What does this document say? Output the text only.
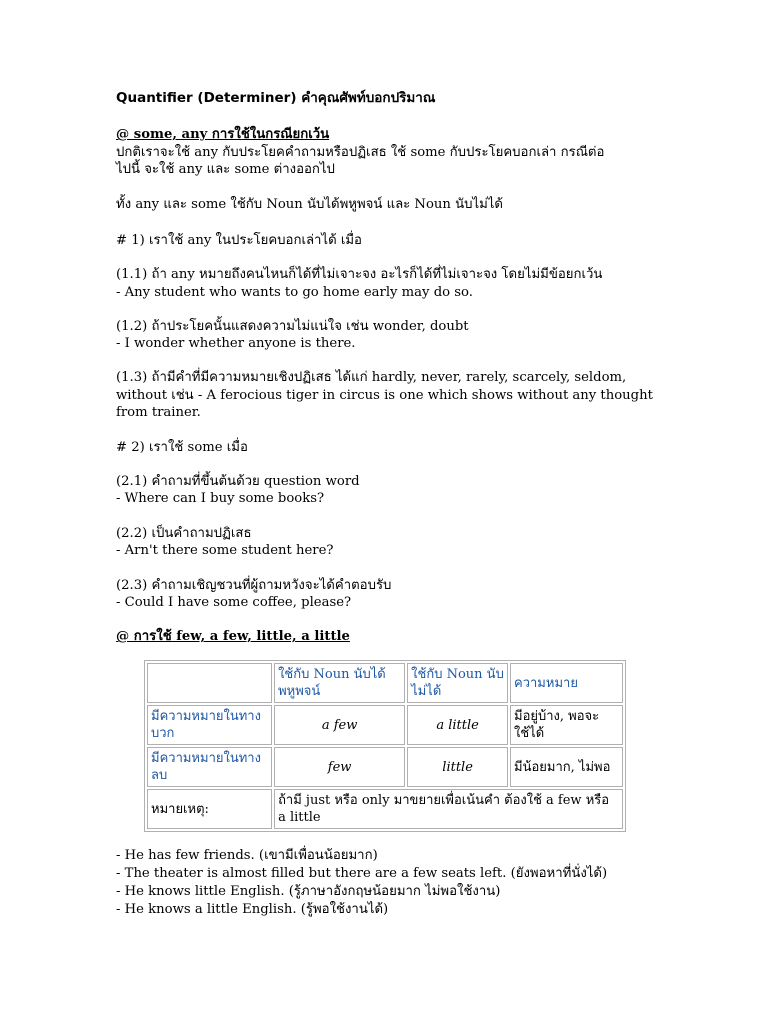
Quantifier (Determiner) คำคุณศัพท์บอกปริมาณ
@ some, any การใช้ในกรณียกเว้น
ปกติเราจะใช้ any กับประโยคคำถามหรือปฏิเสธ ใช้ some กับประโยคบอกเล่า กรณีต่อ
ไปนี้ จะใช้ any และ some ต่างออกไป
ทั้ง any และ some ใช้กับ Noun นับได้พหูพจน์ และ Noun นับไม่ได้
# 1) เราใช้ any ในประโยคบอกเล่าได้ เมื่อ
(1.1) ถ้า any หมายถึงคนไหนก็ได้ที่ไม่เจาะจง อะไรก็ได้ที่ไม่เจาะจง โดยไม่มีข้อยกเว้น
- Any student who wants to go home early may do so.
(1.2) ถ้าประโยคนั้นแสดงความไม่แน่ใจ เช่น wonder, doubt
- I wonder whether anyone is there.
(1.3) ถ้ามีคำที่มีความหมายเชิงปฏิเสธ ได้แก่ hardly, never, rarely, scarcely, seldom,
without เช่น - A ferocious tiger in circus is one which shows without any thought
from trainer.
# 2) เราใช้ some เมื่อ
(2.1) คำถามที่ขึ้นต้นด้วย question word
- Where can I buy some books?
(2.2) เป็นคำถามปฏิเสธ
- Arn't there some student here?
(2.3) คำถามเชิญชวนที่ผู้ถามหวังจะได้คำตอบรับ
- Could I have some coffee, please?
@ การใช้ few, a few, little, a little
- He has few friends. (เขามีเพื่อนน้อยมาก)
- The theater is almost filled but there are a few seats left. (ยังพอหาที่นั่งได้)
- He knows little English. (รู้ภาษาอังกฤษน้อยมาก ไม่พอใช้งาน)
- He knows a little English. (รู้พอใช้งานได้)
	ใช้กับ Noun นับได้ พหูพจน์	ใช้กับ Noun นับ ไม่ได้	ความหมาย
มีความหมายในทาง บวก	a few	a little	มีอยู่บ้าง, พอจะ ใช้ได้
มีความหมายในทาง ลบ	few	little	มีน้อยมาก, ไม่พอ
หมายเหตุ:	ถ้ามี just หรือ only มาขยายเพื่อเน้นคำ ต้องใช้ a few หรือ a little		
